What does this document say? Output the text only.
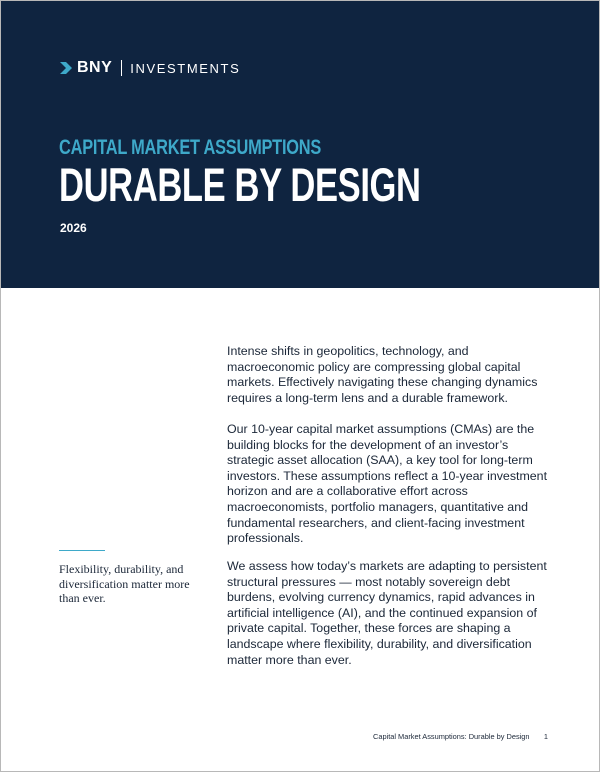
BNY INVESTMENTS
CAPITAL MARKET ASSUMPTIONS
DURABLE BY DESIGN
2026

Intense shifts in geopolitics, technology, and macroeconomic policy are compressing global capital markets. Effectively navigating these changing dynamics requires a long-term lens and a durable framework.

Our 10-year capital market assumptions (CMAs) are the building blocks for the development of an investor’s strategic asset allocation (SAA), a key tool for long-term investors. These assumptions reflect a 10-year investment horizon and are a collaborative effort across macroeconomists, portfolio managers, quantitative and fundamental researchers, and client-facing investment professionals.

We assess how today’s markets are adapting to persistent structural pressures — most notably sovereign debt burdens, evolving currency dynamics, rapid advances in artificial intelligence (AI), and the continued expansion of private capital. Together, these forces are shaping a landscape where flexibility, durability, and diversification matter more than ever.

Flexibility, durability, and diversification matter more than ever.
Capital Market Assumptions: Durable by Design 1
